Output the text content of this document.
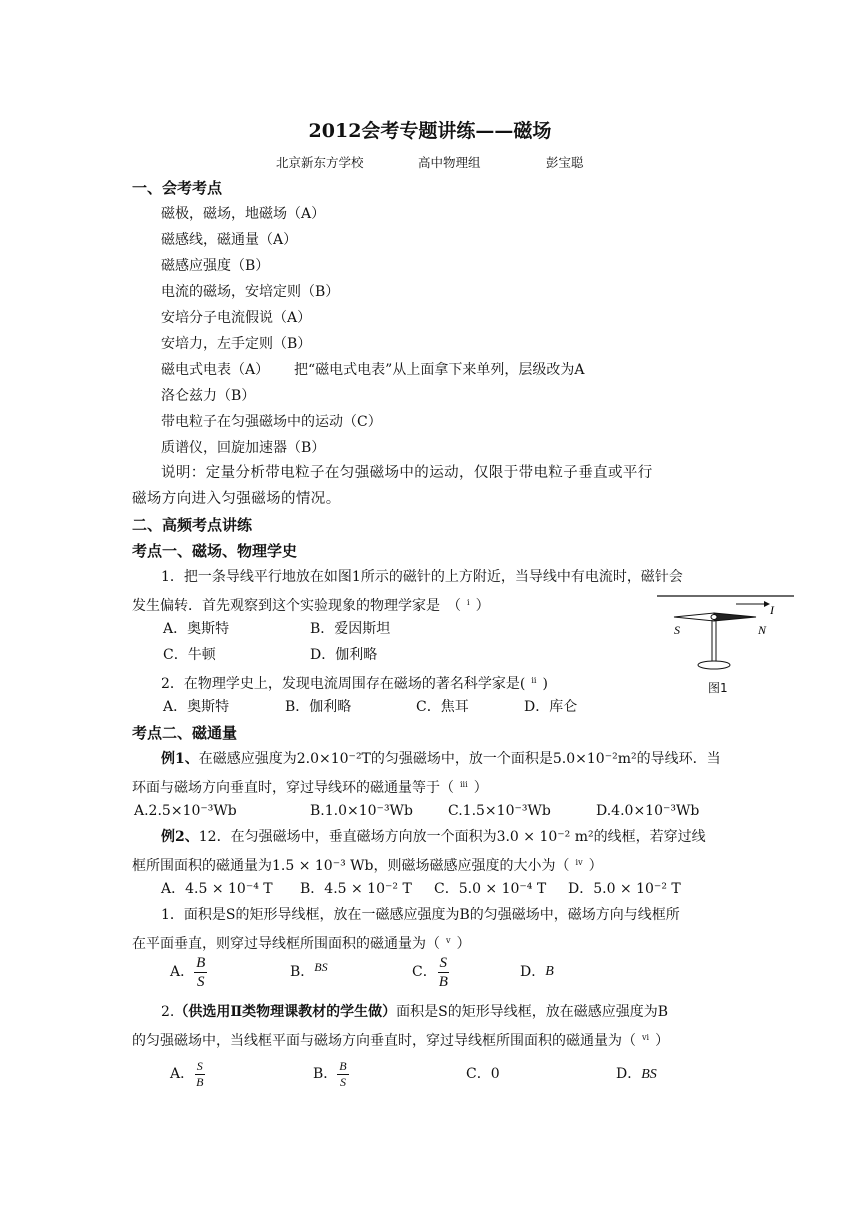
2012会考专题讲练——磁场
北京新东方学校	高中物理组	彭宝聪
一、会考考点
磁极，磁场，地磁场（A）
磁感线，磁通量（A）
磁感应强度（B）
电流的磁场，安培定则（B）
安培分子电流假说（A）
安培力，左手定则（B）
磁电式电表（A） 把“磁电式电表”从上面拿下来单列，层级改为A
洛仑兹力（B）
带电粒子在匀强磁场中的运动（C）
质谱仪，回旋加速器（B）
说明：定量分析带电粒子在匀强磁场中的运动，仅限于带电粒子垂直或平行
磁场方向进入匀强磁场的情况。
二、高频考点讲练
考点一、磁场、物理学史
1．把一条导线平行地放在如图1所示的磁针的上方附近，当导线中有电流时，磁针会
发生偏转．首先观察到这个实验现象的物理学家是　（ $^i$ ）
A．奥斯特	B．爱因斯坦
C．牛顿	D．伽利略
2．在物理学史上，发现电流周围存在磁场的著名科学家是( $^{ii}$ )
A．奥斯特	B．伽利略	C．焦耳	D．库仑
I
S	N
图1
考点二、磁通量
例1、在磁感应强度为2.0×10⁻²T的匀强磁场中，放一个面积是5.0×10⁻²m²的导线环．当
环面与磁场方向垂直时，穿过导线环的磁通量等于（ $^{iii}$ ）
A.2.5×10⁻³Wb	B.1.0×10⁻³Wb	C.1.5×10⁻³Wb	D.4.0×10⁻³Wb
例2、12．在匀强磁场中，垂直磁场方向放一个面积为3.0 × 10⁻² m²的线框，若穿过线
框所围面积的磁通量为1.5 × 10⁻³ Wb，则磁场磁感应强度的大小为（ $^{iv}$ ）
A．4.5 × 10⁻⁴ T B．4.5 × 10⁻² T C．5.0 × 10⁻⁴ T D．5.0 × 10⁻² T
1．面积是S的矩形导线框，放在一磁感应强度为B的匀强磁场中，磁场方向与线框所
在平面垂直，则穿过导线框所围面积的磁通量为（ $^v$ ）
A． $\frac{B}{S}$	B． BS	C． $\frac{S}{B}$	D． B
2.（供选用Ⅱ类物理课教材的学生做）面积是S的矩形导线框，放在磁感应强度为B
的匀强磁场中，当线框平面与磁场方向垂直时，穿过导线框所围面积的磁通量为（ $^{vi}$ ）
A． $\frac{S}{B}$	B． $\frac{B}{S}$	C．0	D．BS
